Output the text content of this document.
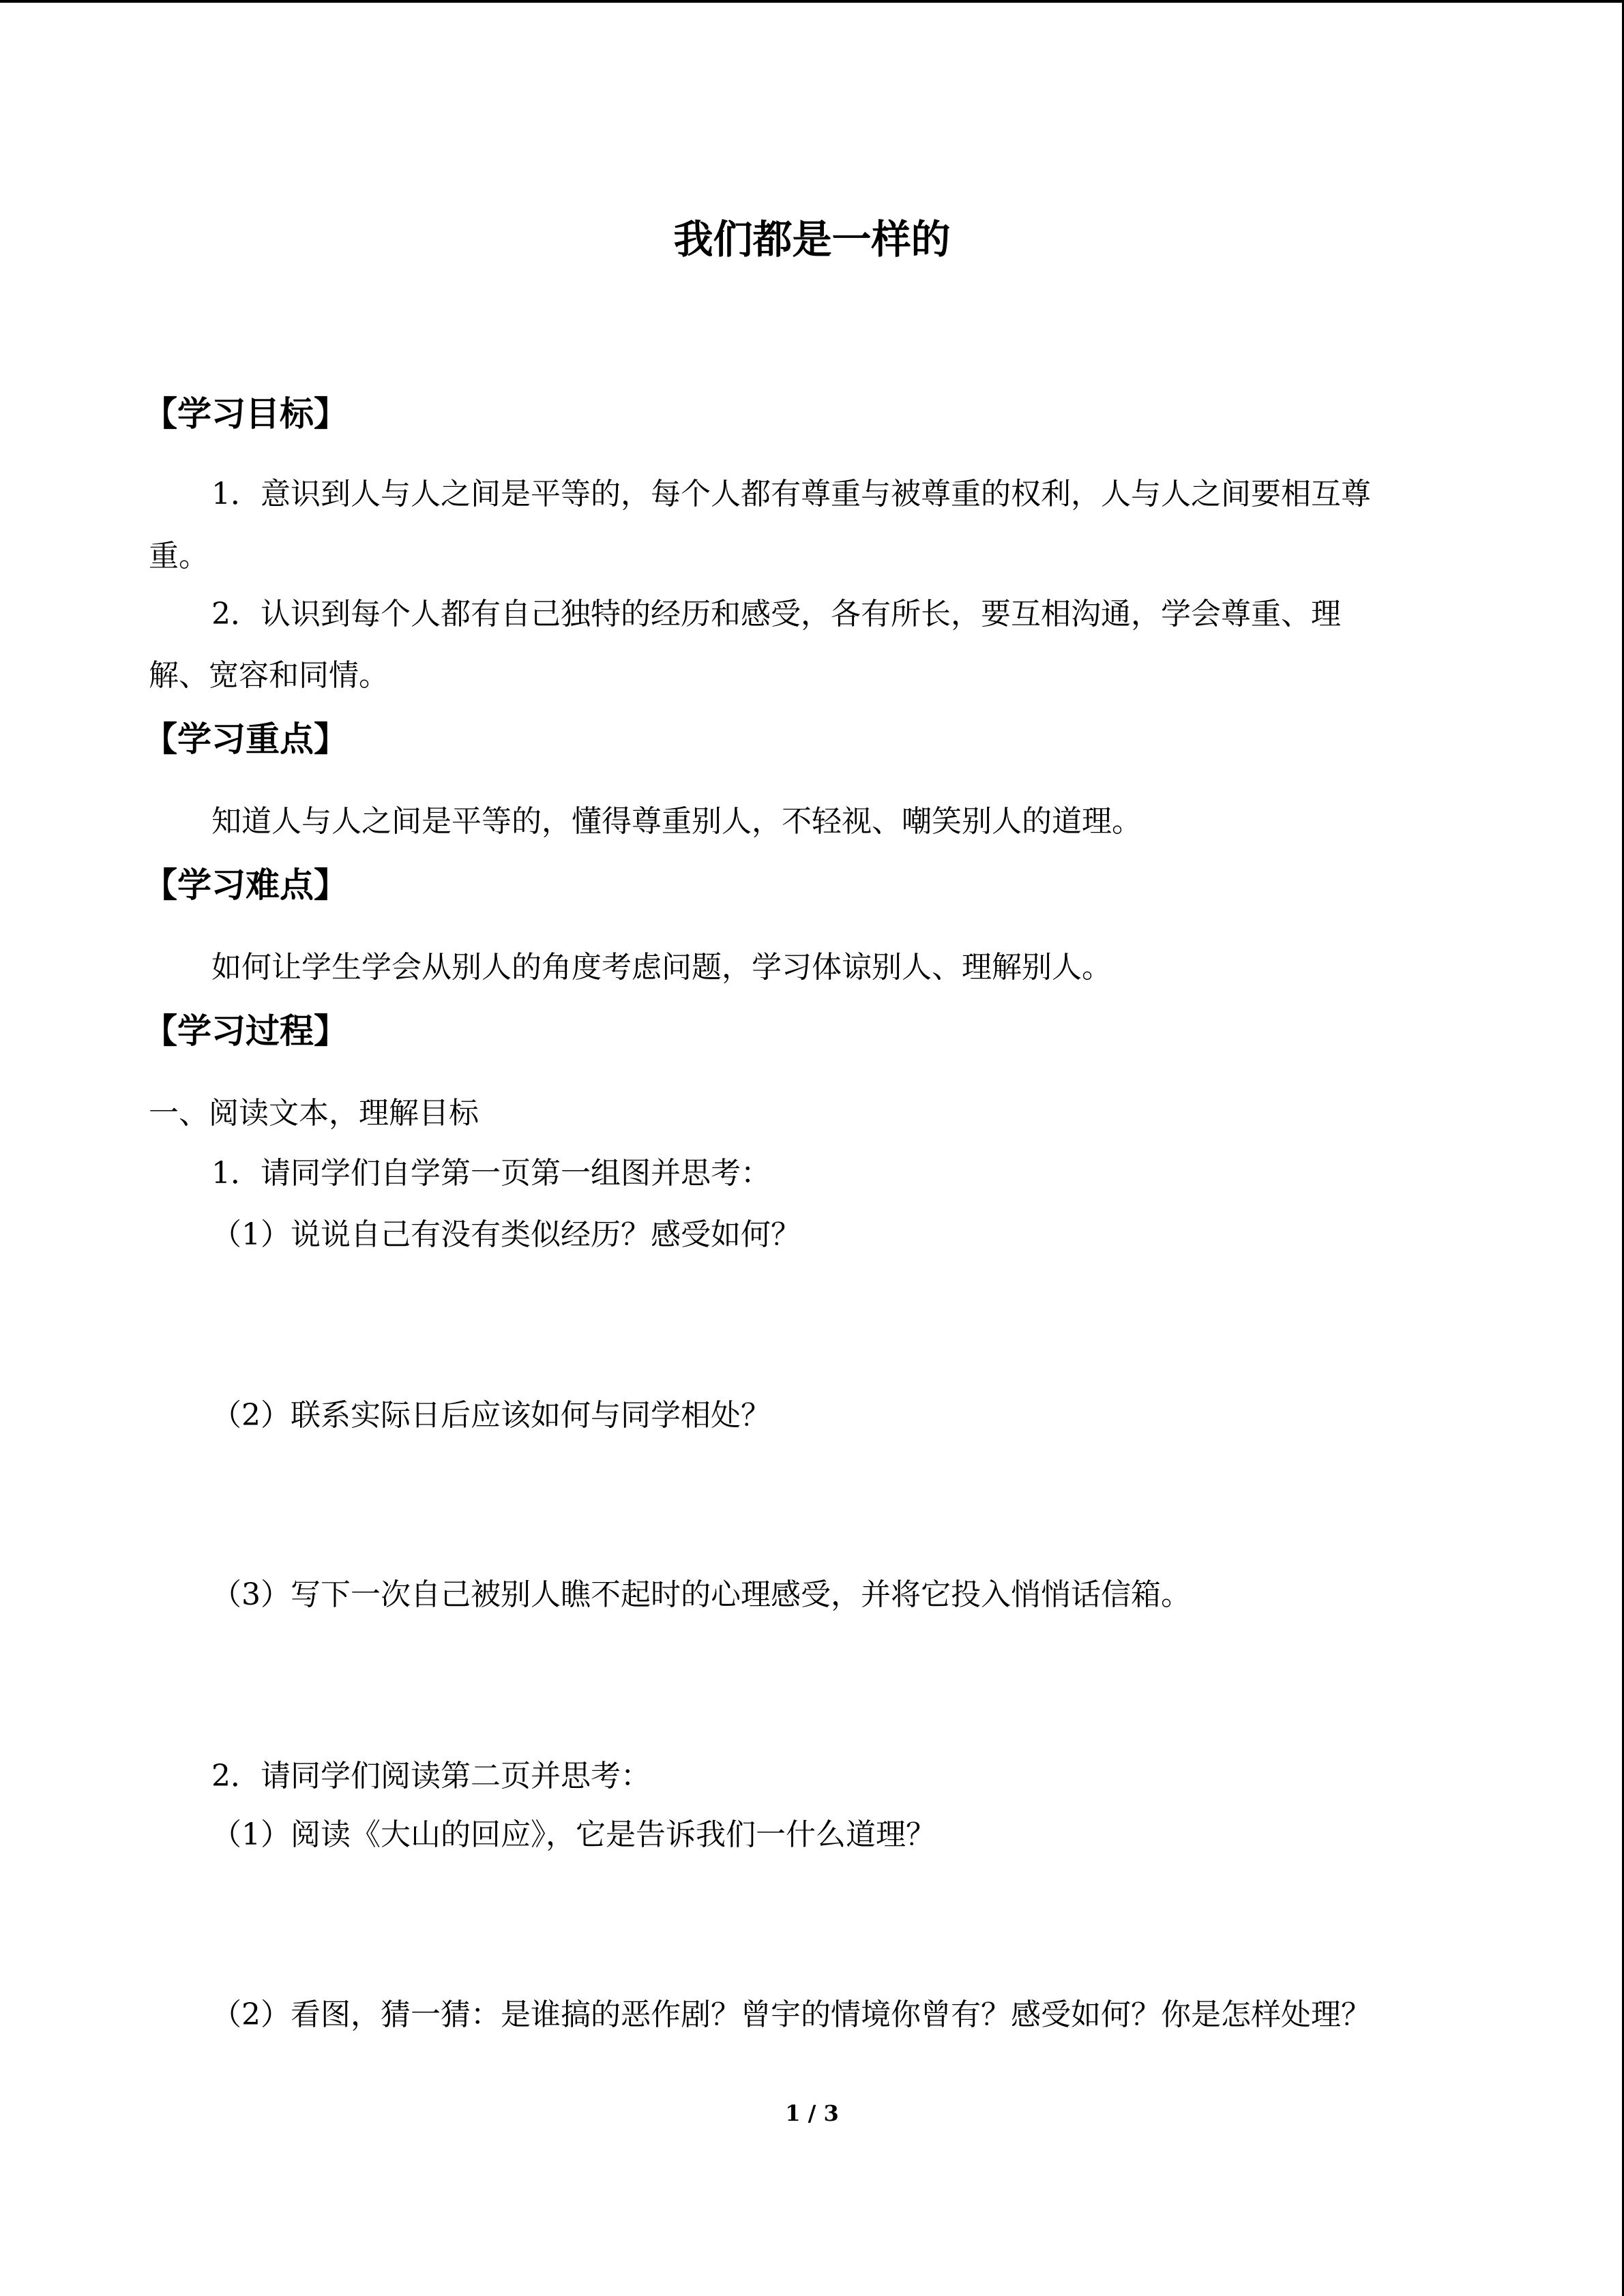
我们都是一样的
【学习目标】
1．意识到人与人之间是平等的，每个人都有尊重与被尊重的权利，人与人之间要相互尊
重。
2．认识到每个人都有自己独特的经历和感受，各有所长，要互相沟通，学会尊重、理
解、宽容和同情。
【学习重点】
知道人与人之间是平等的，懂得尊重别人，不轻视、嘲笑别人的道理。
【学习难点】
如何让学生学会从别人的角度考虑问题，学习体谅别人、理解别人。
【学习过程】
一、阅读文本，理解目标
1．请同学们自学第一页第一组图并思考：
（1）说说自己有没有类似经历？感受如何？
（2）联系实际日后应该如何与同学相处？
（3）写下一次自己被别人瞧不起时的心理感受，并将它投入悄悄话信箱。
2．请同学们阅读第二页并思考：
（1）阅读《大山的回应》，它是告诉我们一什么道理？
（2）看图，猜一猜：是谁搞的恶作剧？曾宇的情境你曾有？感受如何？你是怎样处理？
1 / 3
